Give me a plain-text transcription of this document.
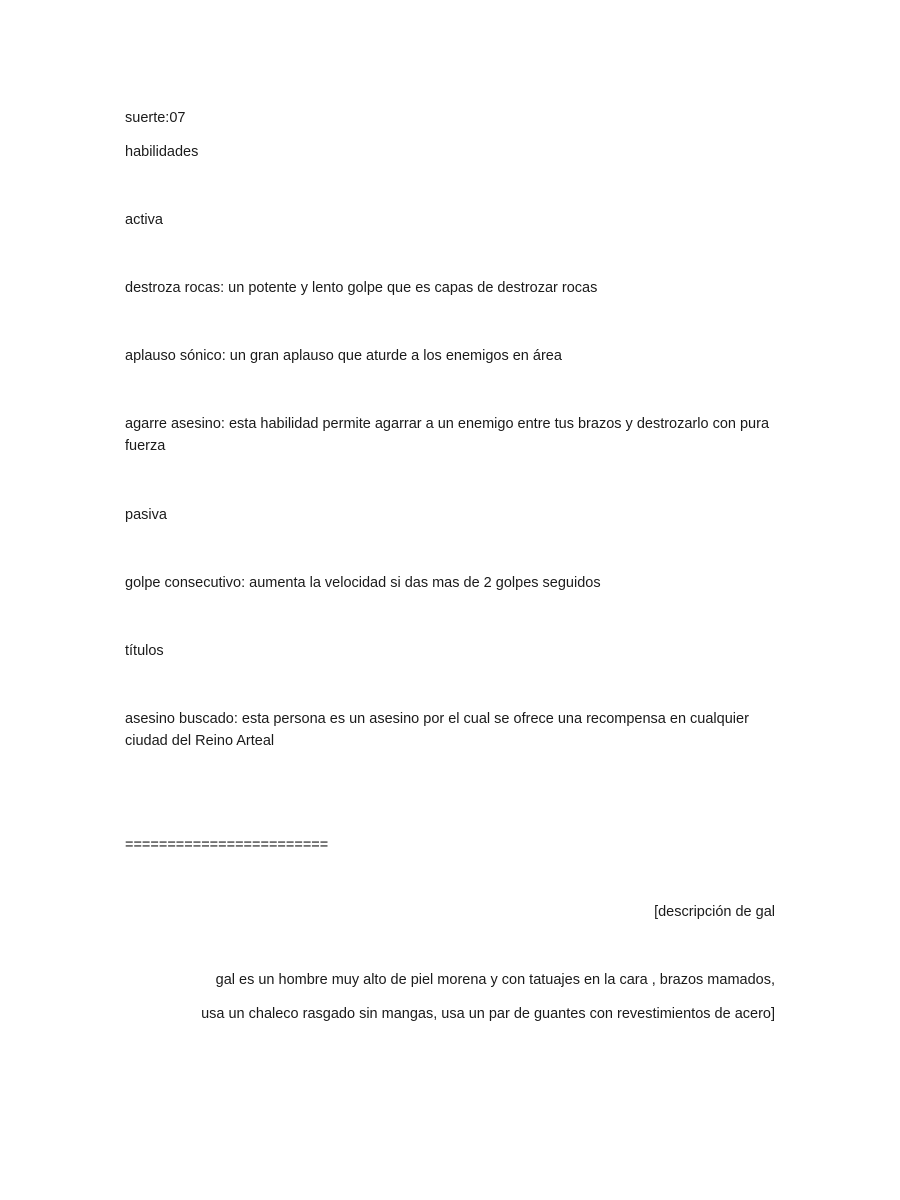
suerte:07

habilidades

activa

destroza rocas: un potente y lento golpe que es capas de destrozar rocas

aplauso sónico: un gran aplauso que aturde a los enemigos en área

agarre asesino: esta habilidad permite agarrar a un enemigo entre tus brazos y destrozarlo con pura fuerza

pasiva

golpe consecutivo: aumenta la velocidad si das mas de 2 golpes seguidos

títulos

asesino buscado: esta persona es un asesino por el cual se ofrece una recompensa en cualquier ciudad del Reino Arteal

========================

[descripción de gal

gal es un hombre muy alto de piel morena y con tatuajes en la cara , brazos mamados,

usa un chaleco rasgado sin mangas, usa un par de guantes con revestimientos de acero]
